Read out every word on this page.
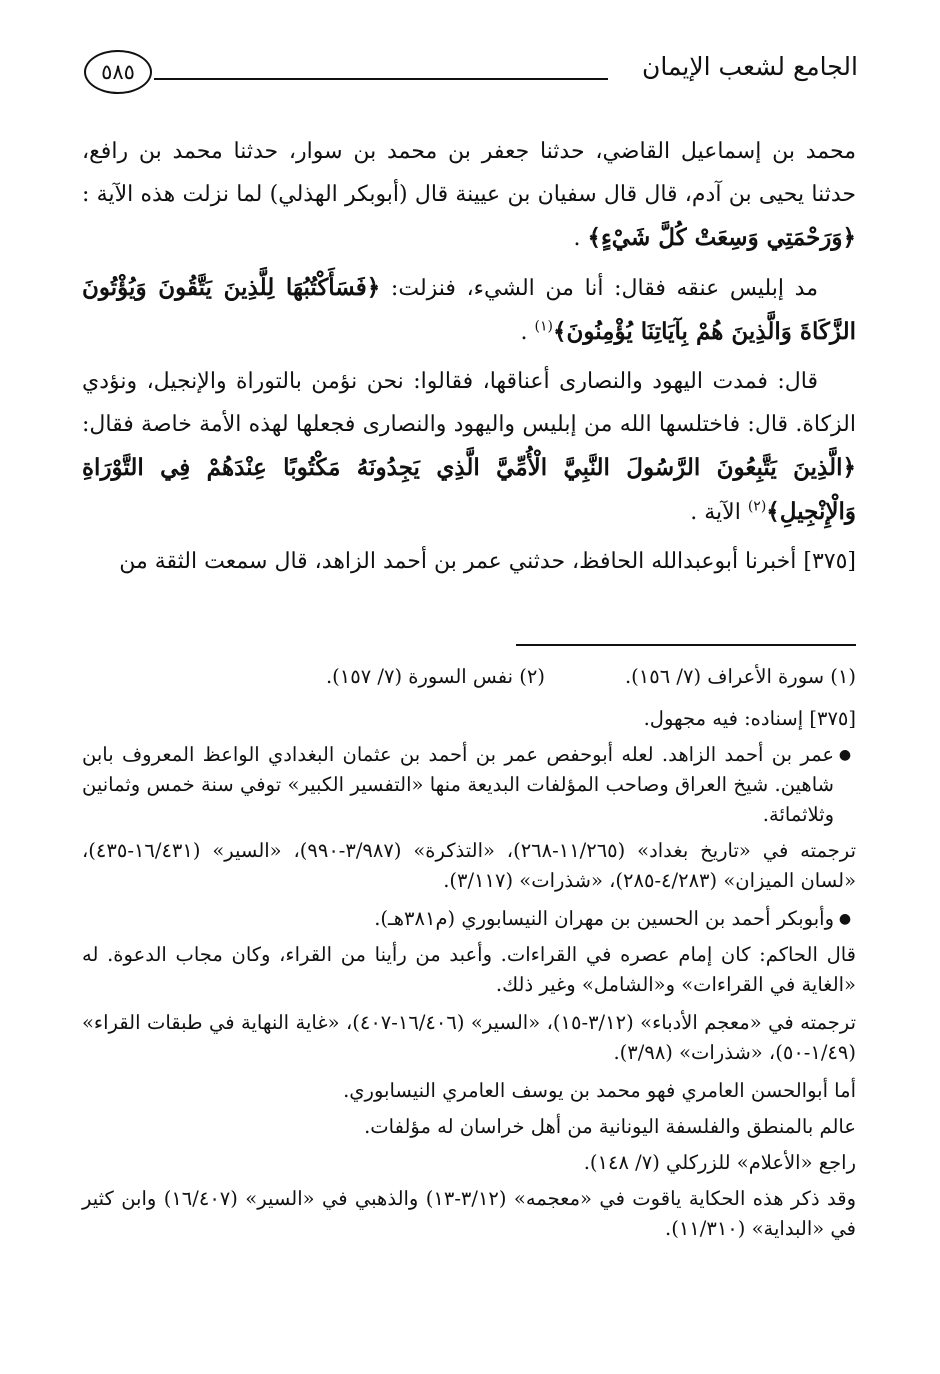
الجامع لشعب الإيمان
٥٨٥

محمد بن إسماعيل القاضي، حدثنا جعفر بن محمد بن سوار، حدثنا محمد بن رافع، حدثنا يحيى بن آدم، قال قال سفيان بن عيينة قال (أبوبكر الهذلي) لما نزلت هذه الآية : ﴿وَرَحْمَتِي وَسِعَتْ كُلَّ شَيْءٍ﴾ .

مد إبليس عنقه فقال: أنا من الشيء، فنزلت: ﴿فَسَأَكْتُبُهَا لِلَّذِينَ يَتَّقُونَ وَيُؤْتُونَ الزَّكَاةَ وَالَّذِينَ هُمْ بِآيَاتِنَا يُؤْمِنُونَ﴾$^{(١)}$ .

قال: فمدت اليهود والنصارى أعناقها، فقالوا: نحن نؤمن بالتوراة والإنجيل، ونؤدي الزكاة. قال: فاختلسها الله من إبليس واليهود والنصارى فجعلها لهذه الأمة خاصة فقال: ﴿الَّذِينَ يَتَّبِعُونَ الرَّسُولَ النَّبِيَّ الْأُمِّيَّ الَّذِي يَجِدُونَهُ مَكْتُوبًا عِنْدَهُمْ فِي التَّوْرَاةِ وَالْإِنْجِيلِ﴾$^{(٢)}$ الآية .

[٣٧٥] أخبرنا أبوعبدالله الحافظ، حدثني عمر بن أحمد الزاهد، قال سمعت الثقة من

(١) سورة الأعراف (٧/ ١٥٦).
(٢) نفس السورة (٧/ ١٥٧).
[٣٧٥] إسناده: فيه مجهول.
●
عمر بن أحمد الزاهد. لعله أبوحفص عمر بن أحمد بن عثمان البغدادي الواعظ المعروف بابن شاهين. شيخ العراق وصاحب المؤلفات البديعة منها «التفسير الكبير» توفي سنة خمس وثمانين وثلاثمائة.
ترجمته في «تاريخ بغداد» (١١/٢٦٥-٢٦٨)، «التذكرة» (٣/٩٨٧-٩٩٠)، «السير» (١٦/٤٣١-٤٣٥)، «لسان الميزان» (٤/٢٨٣-٢٨٥)، «شذرات» (٣/١١٧).
●
وأبوبكر أحمد بن الحسين بن مهران النيسابوري (م٣٨١هـ).
قال الحاكم: كان إمام عصره في القراءات. وأعبد من رأينا من القراء، وكان مجاب الدعوة. له «الغاية في القراءات» و«الشامل» وغير ذلك.
ترجمته في «معجم الأدباء» (٣/١٢-١٥)، «السير» (١٦/٤٠٦-٤٠٧)، «غاية النهاية في طبقات القراء» (١/٤٩-٥٠)، «شذرات» (٣/٩٨).
أما أبوالحسن العامري فهو محمد بن يوسف العامري النيسابوري.
عالم بالمنطق والفلسفة اليونانية من أهل خراسان له مؤلفات.
راجع «الأعلام» للزركلي (٧/ ١٤٨).
وقد ذكر هذه الحكاية ياقوت في «معجمه» (٣/١٢-١٣) والذهبي في «السير» (١٦/٤٠٧) وابن كثير في «البداية» (١١/٣١٠).
